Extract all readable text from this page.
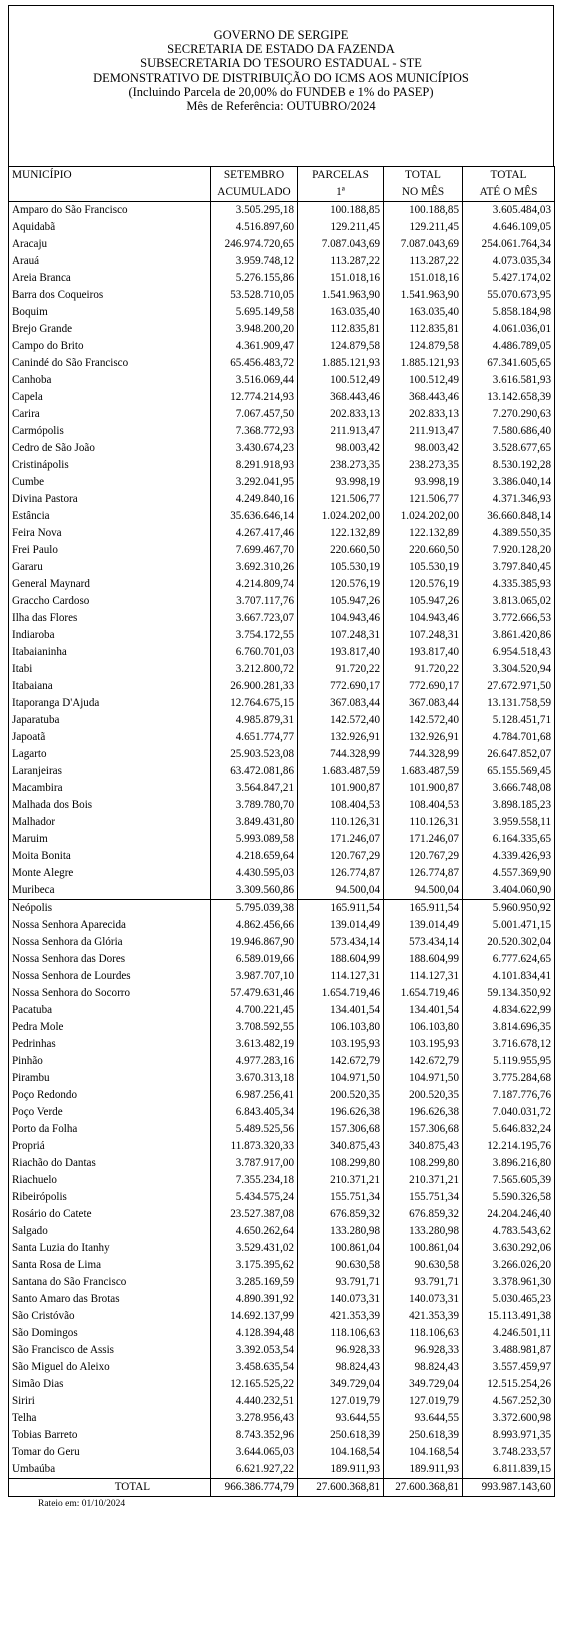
GOVERNO DE SERGIPE
SECRETARIA DE ESTADO DA FAZENDA
SUBSECRETARIA DO TESOURO ESTADUAL - STE
DEMONSTRATIVO DE DISTRIBUIÇÃO DO ICMS AOS MUNICÍPIOS
(Incluindo Parcela de 20,00% do FUNDEB e 1% do PASEP)
Mês de Referência: OUTUBRO/2024
MUNICÍPIO	SETEMBRO	PARCELAS	TOTAL	TOTAL
	ACUMULADO	1ª	NO MÊS	ATÉ O MÊS
Amparo do São Francisco	3.505.295,18	100.188,85	100.188,85	3.605.484,03
Aquidabã	4.516.897,60	129.211,45	129.211,45	4.646.109,05
Aracaju	246.974.720,65	7.087.043,69	7.087.043,69	254.061.764,34
Arauá	3.959.748,12	113.287,22	113.287,22	4.073.035,34
Areia Branca	5.276.155,86	151.018,16	151.018,16	5.427.174,02
Barra dos Coqueiros	53.528.710,05	1.541.963,90	1.541.963,90	55.070.673,95
Boquim	5.695.149,58	163.035,40	163.035,40	5.858.184,98
Brejo Grande	3.948.200,20	112.835,81	112.835,81	4.061.036,01
Campo do Brito	4.361.909,47	124.879,58	124.879,58	4.486.789,05
Canindé do São Francisco	65.456.483,72	1.885.121,93	1.885.121,93	67.341.605,65
Canhoba	3.516.069,44	100.512,49	100.512,49	3.616.581,93
Capela	12.774.214,93	368.443,46	368.443,46	13.142.658,39
Carira	7.067.457,50	202.833,13	202.833,13	7.270.290,63
Carmópolis	7.368.772,93	211.913,47	211.913,47	7.580.686,40
Cedro de São João	3.430.674,23	98.003,42	98.003,42	3.528.677,65
Cristinápolis	8.291.918,93	238.273,35	238.273,35	8.530.192,28
Cumbe	3.292.041,95	93.998,19	93.998,19	3.386.040,14
Divina Pastora	4.249.840,16	121.506,77	121.506,77	4.371.346,93
Estância	35.636.646,14	1.024.202,00	1.024.202,00	36.660.848,14
Feira Nova	4.267.417,46	122.132,89	122.132,89	4.389.550,35
Frei Paulo	7.699.467,70	220.660,50	220.660,50	7.920.128,20
Gararu	3.692.310,26	105.530,19	105.530,19	3.797.840,45
General Maynard	4.214.809,74	120.576,19	120.576,19	4.335.385,93
Graccho Cardoso	3.707.117,76	105.947,26	105.947,26	3.813.065,02
Ilha das Flores	3.667.723,07	104.943,46	104.943,46	3.772.666,53
Indiaroba	3.754.172,55	107.248,31	107.248,31	3.861.420,86
Itabaianinha	6.760.701,03	193.817,40	193.817,40	6.954.518,43
Itabi	3.212.800,72	91.720,22	91.720,22	3.304.520,94
Itabaiana	26.900.281,33	772.690,17	772.690,17	27.672.971,50
Itaporanga D'Ajuda	12.764.675,15	367.083,44	367.083,44	13.131.758,59
Japaratuba	4.985.879,31	142.572,40	142.572,40	5.128.451,71
Japoatã	4.651.774,77	132.926,91	132.926,91	4.784.701,68
Lagarto	25.903.523,08	744.328,99	744.328,99	26.647.852,07
Laranjeiras	63.472.081,86	1.683.487,59	1.683.487,59	65.155.569,45
Macambira	3.564.847,21	101.900,87	101.900,87	3.666.748,08
Malhada dos Bois	3.789.780,70	108.404,53	108.404,53	3.898.185,23
Malhador	3.849.431,80	110.126,31	110.126,31	3.959.558,11
Maruim	5.993.089,58	171.246,07	171.246,07	6.164.335,65
Moita Bonita	4.218.659,64	120.767,29	120.767,29	4.339.426,93
Monte Alegre	4.430.595,03	126.774,87	126.774,87	4.557.369,90
Muribeca	3.309.560,86	94.500,04	94.500,04	3.404.060,90
Neópolis	5.795.039,38	165.911,54	165.911,54	5.960.950,92
Nossa Senhora Aparecida	4.862.456,66	139.014,49	139.014,49	5.001.471,15
Nossa Senhora da Glória	19.946.867,90	573.434,14	573.434,14	20.520.302,04
Nossa Senhora das Dores	6.589.019,66	188.604,99	188.604,99	6.777.624,65
Nossa Senhora de Lourdes	3.987.707,10	114.127,31	114.127,31	4.101.834,41
Nossa Senhora do Socorro	57.479.631,46	1.654.719,46	1.654.719,46	59.134.350,92
Pacatuba	4.700.221,45	134.401,54	134.401,54	4.834.622,99
Pedra Mole	3.708.592,55	106.103,80	106.103,80	3.814.696,35
Pedrinhas	3.613.482,19	103.195,93	103.195,93	3.716.678,12
Pinhão	4.977.283,16	142.672,79	142.672,79	5.119.955,95
Pirambu	3.670.313,18	104.971,50	104.971,50	3.775.284,68
Poço Redondo	6.987.256,41	200.520,35	200.520,35	7.187.776,76
Poço Verde	6.843.405,34	196.626,38	196.626,38	7.040.031,72
Porto da Folha	5.489.525,56	157.306,68	157.306,68	5.646.832,24
Propriá	11.873.320,33	340.875,43	340.875,43	12.214.195,76
Riachão do Dantas	3.787.917,00	108.299,80	108.299,80	3.896.216,80
Riachuelo	7.355.234,18	210.371,21	210.371,21	7.565.605,39
Ribeirópolis	5.434.575,24	155.751,34	155.751,34	5.590.326,58
Rosário do Catete	23.527.387,08	676.859,32	676.859,32	24.204.246,40
Salgado	4.650.262,64	133.280,98	133.280,98	4.783.543,62
Santa Luzia do Itanhy	3.529.431,02	100.861,04	100.861,04	3.630.292,06
Santa Rosa de Lima	3.175.395,62	90.630,58	90.630,58	3.266.026,20
Santana do São Francisco	3.285.169,59	93.791,71	93.791,71	3.378.961,30
Santo Amaro das Brotas	4.890.391,92	140.073,31	140.073,31	5.030.465,23
São Cristóvão	14.692.137,99	421.353,39	421.353,39	15.113.491,38
São Domingos	4.128.394,48	118.106,63	118.106,63	4.246.501,11
São Francisco de Assis	3.392.053,54	96.928,33	96.928,33	3.488.981,87
São Miguel do Aleixo	3.458.635,54	98.824,43	98.824,43	3.557.459,97
Simão Dias	12.165.525,22	349.729,04	349.729,04	12.515.254,26
Siriri	4.440.232,51	127.019,79	127.019,79	4.567.252,30
Telha	3.278.956,43	93.644,55	93.644,55	3.372.600,98
Tobias Barreto	8.743.352,96	250.618,39	250.618,39	8.993.971,35
Tomar do Geru	3.644.065,03	104.168,54	104.168,54	3.748.233,57
Umbaúba	6.621.927,22	189.911,93	189.911,93	6.811.839,15
TOTAL	966.386.774,79	27.600.368,81	27.600.368,81	993.987.143,60
Rateio em: 01/10/2024
